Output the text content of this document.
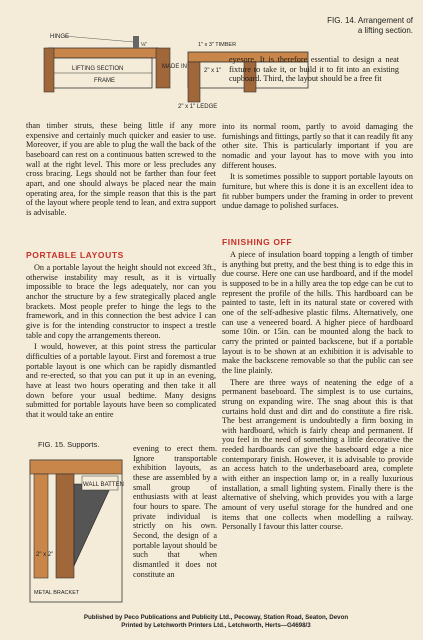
HINGE
⅛"
LIFTING SECTION
FRAME
MADE IN
1" x 3" TIMBER
2" x 1"
2" x 1" LEDGE
FIG. 14. Arrangement of a lifting section.

than timber struts, these being little if any more expensive and certainly much quicker and easier to use. Moreover, if you are able to plug the wall the back of the baseboard can rest on a continuous batten screwed to the wall at the right level. This more or less precludes any cross bracing. Legs should not be farther than four feet apart, and one should always be placed near the main operating area, for the simple reason that this is the part of the layout where people tend to lean, and extra support is advisable.

PORTABLE LAYOUTS

On a portable layout the height should not exceed 3ft., otherwise instability may result, as it is virtually impossible to brace the legs adequately, nor can you anchor the structure by a few strategically placed angle brackets. Most people prefer to hinge the legs to the framework, and in this connection the best advice I can give is for the intending constructor to inspect a trestle table and copy the arrangements thereon.

I would, however, at this point stress the particular difficulties of a portable layout. First and foremost a true portable layout is one which can be rapidly dismantled and re-erected, so that you can put it up in an evening, have at least two hours operating and then take it all down before your usual bedtime. Many designs submitted for portable layouts have been so complicated that it would take an entire

FIG. 15. Supports.
WALL BATTEN
2" x 2"
METAL BRACKET

evening to erect them. Ignore transportable exhibition layouts, as these are assembled by a small group of enthusiasts with at least four hours to spare. The private individual is strictly on his own. Second, the design of a portable layout should be such that when dismantled it does not constitute an

eyesore. It is therefore essential to design a neat fixture to take it, or build it to fit into an existing cupboard. Third, the layout should be a free fit

into its normal room, partly to avoid damaging the furnishings and fittings, partly so that it can readily fit any other site. This is particularly important if you are nomadic and your layout has to move with you into different houses.

It is sometimes possible to support portable layouts on furniture, but where this is done it is an excellent idea to fit rubber bumpers under the framing in order to prevent undue damage to polished surfaces.

FINISHING OFF

A piece of insulation board topping a length of timber is anything but pretty, and the best thing is to edge this in due course. Here one can use hardboard, and if the model is supposed to be in a hilly area the top edge can be cut to represent the profile of the hills. This hardboard can be painted to taste, left in its natural state or covered with one of the self-adhesive plastic films. Alternatively, one can use a veneered board. A higher piece of hardboard some 10in. or 15in. can be mounted along the back to carry the printed or painted backscene, but if a portable layout is to be shown at an exhibition it is advisable to make the backscene removable so that the public can see the line plainly.

There are three ways of neatening the edge of a permanent baseboard. The simplest is to use curtains, strung on expanding wire. The snag about this is that curtains hold dust and dirt and do constitute a fire risk. The best arrangement is undoubtedly a firm boxing in with hardboard, which is fairly cheap and permanent. If you feel in the need of something a little decorative the reeded hardboards can give the baseboard edge a nice contemporary finish. However, it is advisable to provide an access hatch to the underbaseboard area, complete with either an inspection lamp or, in a really luxurious installation, a small lighting system. Finally there is the alternative of shelving, which provides you with a large amount of very useful storage for the hundred and one items that one collects when modelling a railway. Personally I favour this latter course.

Published by Peco Publications and Publicity Ltd., Pecoway, Station Road, Seaton, Devon
Printed by Letchworth Printers Ltd., Letchworth, Herts—G4698/3
